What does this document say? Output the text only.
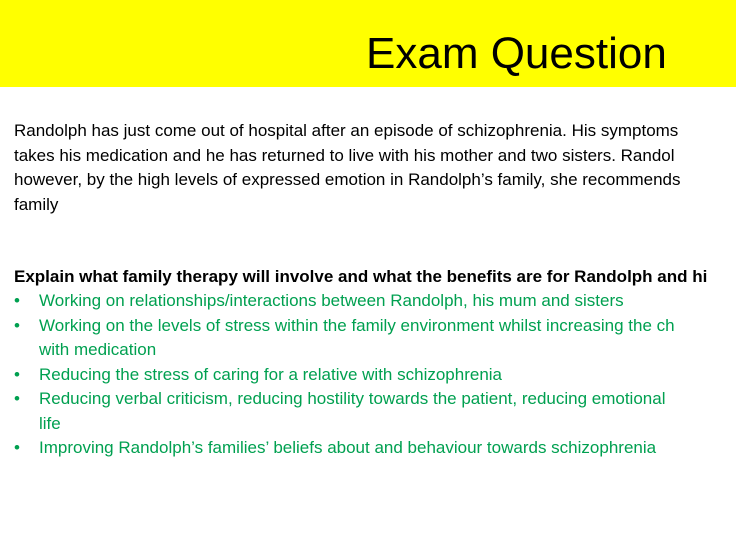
Exam Question
Randolph has just come out of hospital after an episode of schizophrenia. His symptoms
takes his medication and he has returned to live with his mother and two sisters. Randol
however, by the high levels of expressed emotion in Randolph’s family, she recommends
family
Explain what family therapy will involve and what the benefits are for Randolph and hi
• Working on relationships/interactions between Randolph, his mum and sisters
• Working on the levels of stress within the family environment whilst increasing the ch
with medication
• Reducing the stress of caring for a relative with schizophrenia
• Reducing verbal criticism, reducing hostility towards the patient, reducing emotional
life
• Improving Randolph’s families’ beliefs about and behaviour towards schizophrenia
